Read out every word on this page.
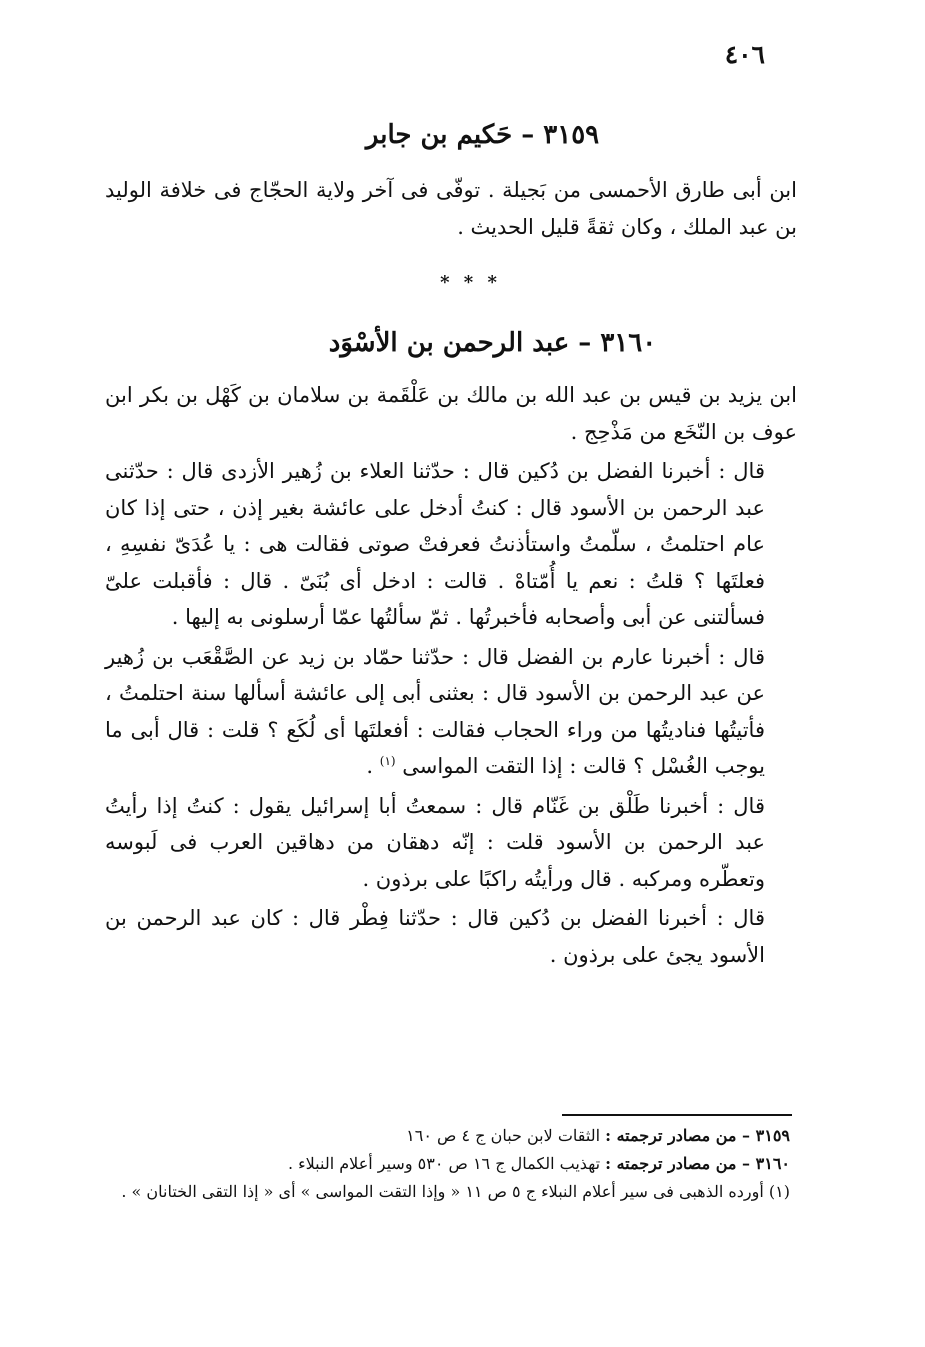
٤٠٦
٣١٥٩ – حَكيم بن جابر

ابن أبى طارق الأحمسى من بَجيلة . توفّى فى آخر ولاية الحجّاج فى خلافة الوليد بن عبد الملك ، وكان ثقةً قليل الحديث .

* * *
٣١٦٠ – عبد الرحمن بن الأسْوَد

ابن يزيد بن قيس بن عبد الله بن مالك بن عَلْقَمة بن سلامان بن كَهْل بن بكر ابن عوف بن النّخَع من مَذْحِج .

قال : أخبرنا الفضل بن دُكين قال : حدّثنا العلاء بن زُهير الأزدى قال : حدّثنى عبد الرحمن بن الأسود قال : كنتُ أدخل على عائشة بغير إذن ، حتى إذا كان عام احتلمتُ ، سلّمتُ واستأذنتُ فعرفتْ صوتى فقالت هى : يا عُدَىّ نفسِهِ ، فعلتَها ؟ قلتُ : نعم يا أُمّتاهْ . قالت : ادخل أى بُنَىّ . قال : فأقبلت علىّ فسألتنى عن أبى وأصحابه فأخبرتُها . ثمّ سألتُها عمّا أرسلونى به إليها .

قال : أخبرنا عارم بن الفضل قال : حدّثنا حمّاد بن زيد عن الصَّقْعَب بن زُهير عن عبد الرحمن بن الأسود قال : بعثنى أبى إلى عائشة أسألها سنة احتلمتُ ، فأتيتُها فناديتُها من وراء الحجاب فقالت : أفعلتَها أى لُكَع ؟ قلت : قال أبى ما يوجب الغُسْل ؟ قالت : إذا التقت المواسى $^{(١)}$ .

قال : أخبرنا طَلْق بن غَنّام قال : سمعتُ أبا إسرائيل يقول : كنتُ إذا رأيتُ عبد الرحمن بن الأسود قلت : إنّه دهقان من دهاقين العرب فى لَبوسه وتعطّره ومركبه . قال ورأيتُه راكبًا على برذون .

قال : أخبرنا الفضل بن دُكين قال : حدّثنا فِطْر قال : كان عبد الرحمن بن الأسود يجئ على برذون .

٣١٥٩ – من مصادر ترجمته : الثقات لابن حبان ج ٤ ص ١٦٠

٣١٦٠ – من مصادر ترجمته : تهذيب الكمال ج ١٦ ص ٥٣٠ وسير أعلام النبلاء .

(١) أورده الذهبى فى سير أعلام النبلاء ج ٥ ص ١١ « وإذا التقت المواسى » أى « إذا التقى الختانان » .
